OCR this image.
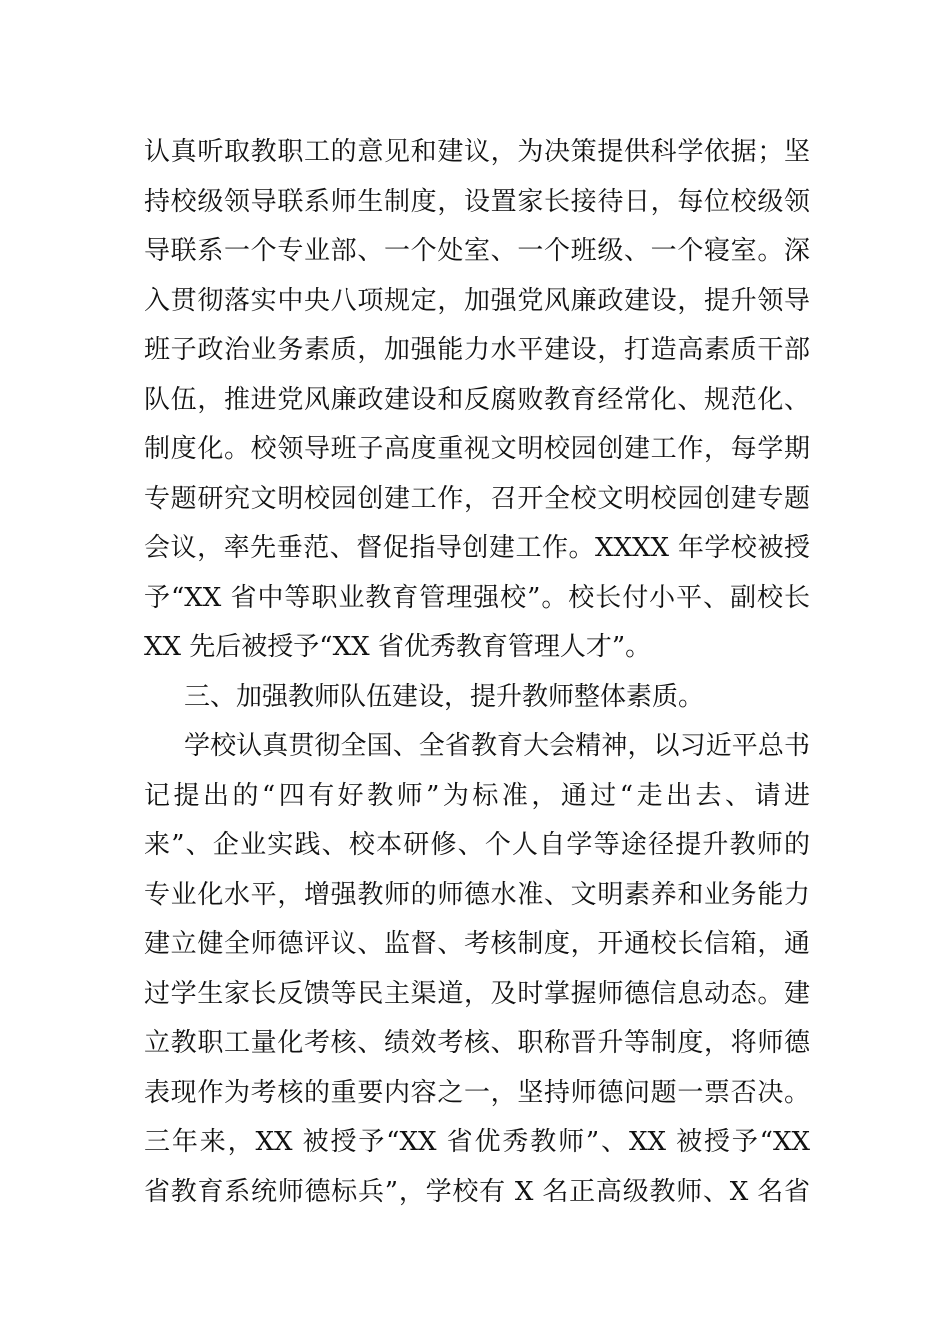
认真听取教职工的意见和建议，为决策提供科学依据；坚
持校级领导联系师生制度，设置家长接待日，每位校级领
导联系一个专业部、一个处室、一个班级、一个寝室。深
入贯彻落实中央八项规定，加强党风廉政建设，提升领导
班子政治业务素质，加强能力水平建设，打造高素质干部
队伍，推进党风廉政建设和反腐败教育经常化、规范化、
制度化。校领导班子高度重视文明校园创建工作，每学期
专题研究文明校园创建工作，召开全校文明校园创建专题
会议，率先垂范、督促指导创建工作。XXXX 年学校被授
予“XX 省中等职业教育管理强校”。校长付小平、副校长
XX 先后被授予“XX 省优秀教育管理人才”。
三、加强教师队伍建设，提升教师整体素质。
学校认真贯彻全国、全省教育大会精神，以习近平总书
记提出的“四有好教师”为标准，通过“走出去、请进
来”、企业实践、校本研修、个人自学等途径提升教师的
专业化水平，增强教师的师德水准、文明素养和业务能力
建立健全师德评议、监督、考核制度，开通校长信箱，通
过学生家长反馈等民主渠道，及时掌握师德信息动态。建
立教职工量化考核、绩效考核、职称晋升等制度，将师德
表现作为考核的重要内容之一，坚持师德问题一票否决。
三年来，XX 被授予“XX 省优秀教师”、XX 被授予“XX
省教育系统师德标兵”，学校有 X 名正高级教师、X 名省
